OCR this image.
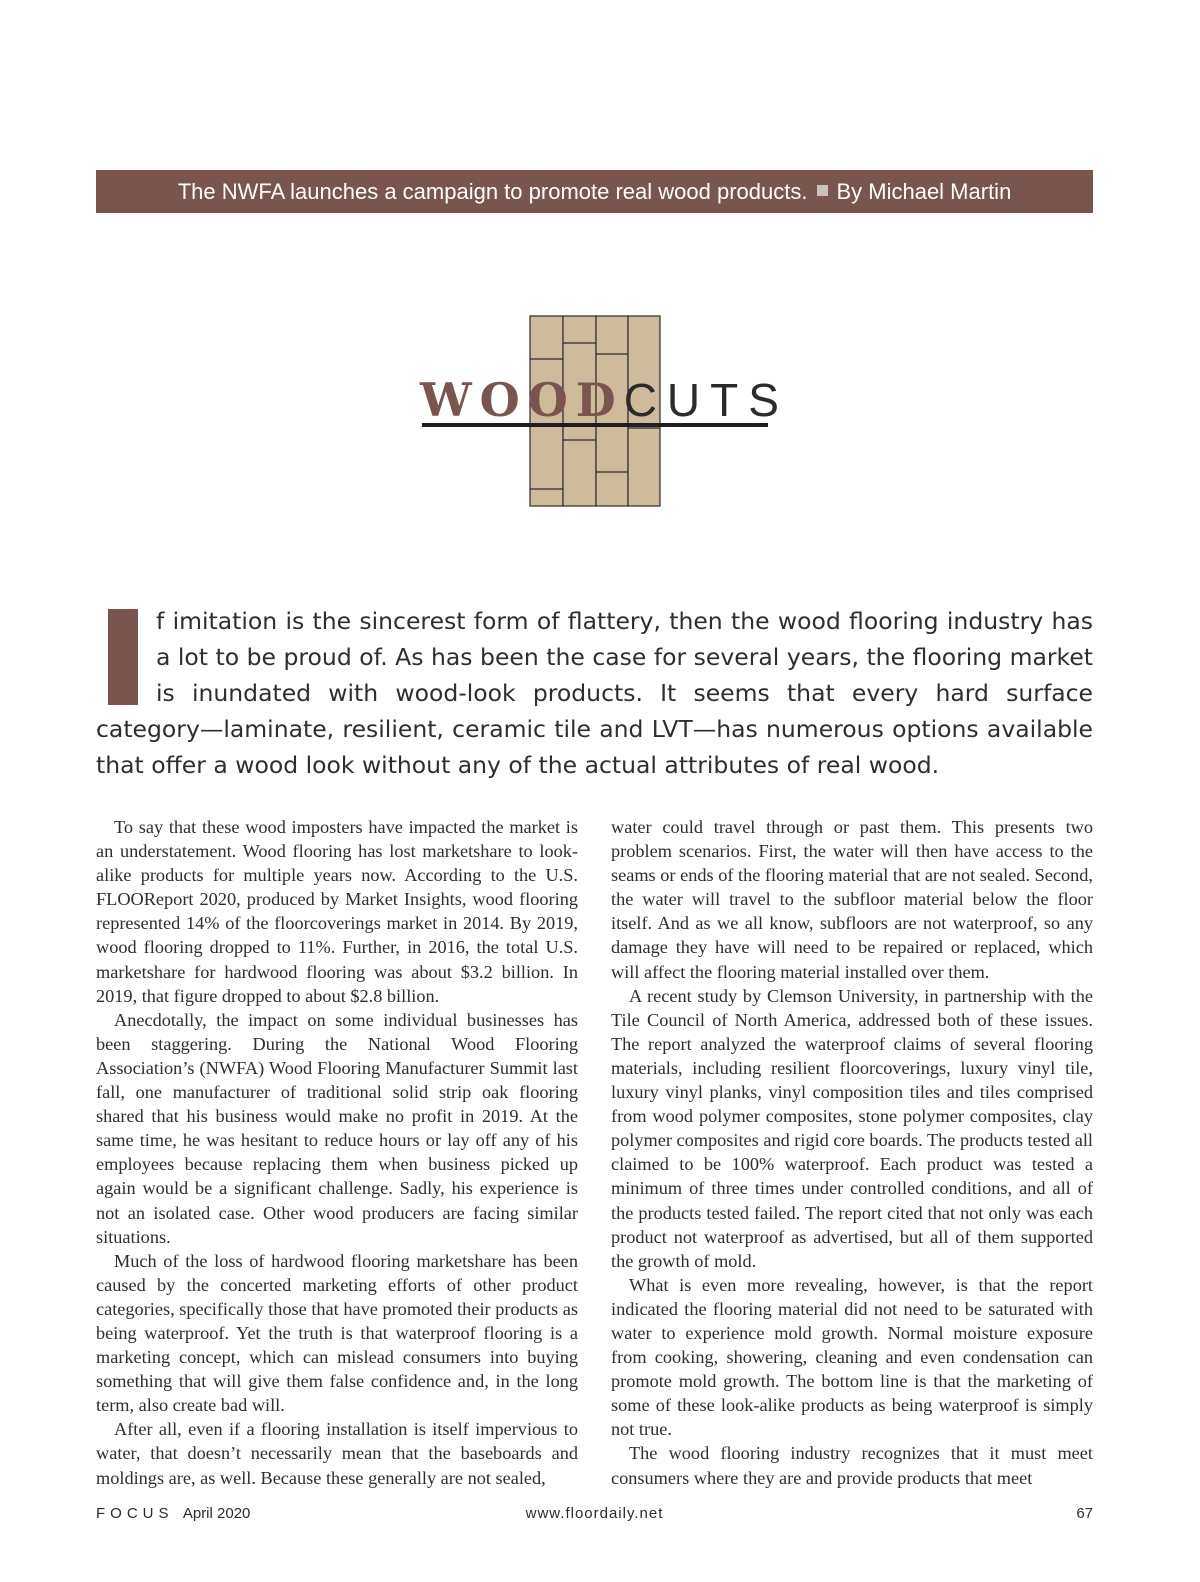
The NWFA launches a campaign to promote real wood products. By Michael Martin
WOODCUTS

f imitation is the sincerest form of flattery, then the wood flooring industry has a lot to be proud of. As has been the case for several years, the flooring market is inundated with wood-look products. It seems that every hard surface category—laminate, resilient, ceramic tile and LVT—has numerous options available that offer a wood look without any of the actual attributes of real wood.

To say that these wood imposters have impacted the market is an understatement. Wood flooring has lost marketshare to look-alike products for multiple years now. According to the U.S. FLOOReport 2020, produced by Market Insights, wood flooring represented 14% of the floorcoverings market in 2014. By 2019, wood flooring dropped to 11%. Further, in 2016, the total U.S. marketshare for hardwood flooring was about $3.2 billion. In 2019, that figure dropped to about $2.8 billion.

Anecdotally, the impact on some individual businesses has been staggering. During the National Wood Flooring Association’s (NWFA) Wood Flooring Manufacturer Summit last fall, one manufacturer of traditional solid strip oak flooring shared that his business would make no profit in 2019. At the same time, he was hesitant to reduce hours or lay off any of his employees because replacing them when business picked up again would be a significant challenge. Sadly, his experience is not an isolated case. Other wood producers are facing similar situations.

Much of the loss of hardwood flooring marketshare has been caused by the concerted marketing efforts of other product categories, specifically those that have promoted their products as being waterproof. Yet the truth is that waterproof flooring is a marketing concept, which can mislead consumers into buying something that will give them false confidence and, in the long term, also create bad will.

After all, even if a flooring installation is itself impervious to water, that doesn’t necessarily mean that the baseboards and moldings are, as well. Because these generally are not sealed,

water could travel through or past them. This presents two problem scenarios. First, the water will then have access to the seams or ends of the flooring material that are not sealed. Second, the water will travel to the subfloor material below the floor itself. And as we all know, subfloors are not waterproof, so any damage they have will need to be repaired or replaced, which will affect the flooring material installed over them.

A recent study by Clemson University, in partnership with the Tile Council of North America, addressed both of these issues. The report analyzed the waterproof claims of several flooring materials, including resilient floorcoverings, luxury vinyl tile, luxury vinyl planks, vinyl composition tiles and tiles comprised from wood polymer composites, stone polymer composites, clay polymer composites and rigid core boards. The products tested all claimed to be 100% waterproof. Each product was tested a minimum of three times under controlled conditions, and all of the products tested failed. The report cited that not only was each product not waterproof as advertised, but all of them supported the growth of mold.

What is even more revealing, however, is that the report indicated the flooring material did not need to be saturated with water to experience mold growth. Normal moisture exposure from cooking, showering, cleaning and even condensation can promote mold growth. The bottom line is that the marketing of some of these look-alike products as being waterproof is simply not true.

The wood flooring industry recognizes that it must meet consumers where they are and provide products that meet

FOCUS April 2020	www.floordaily.net	67
